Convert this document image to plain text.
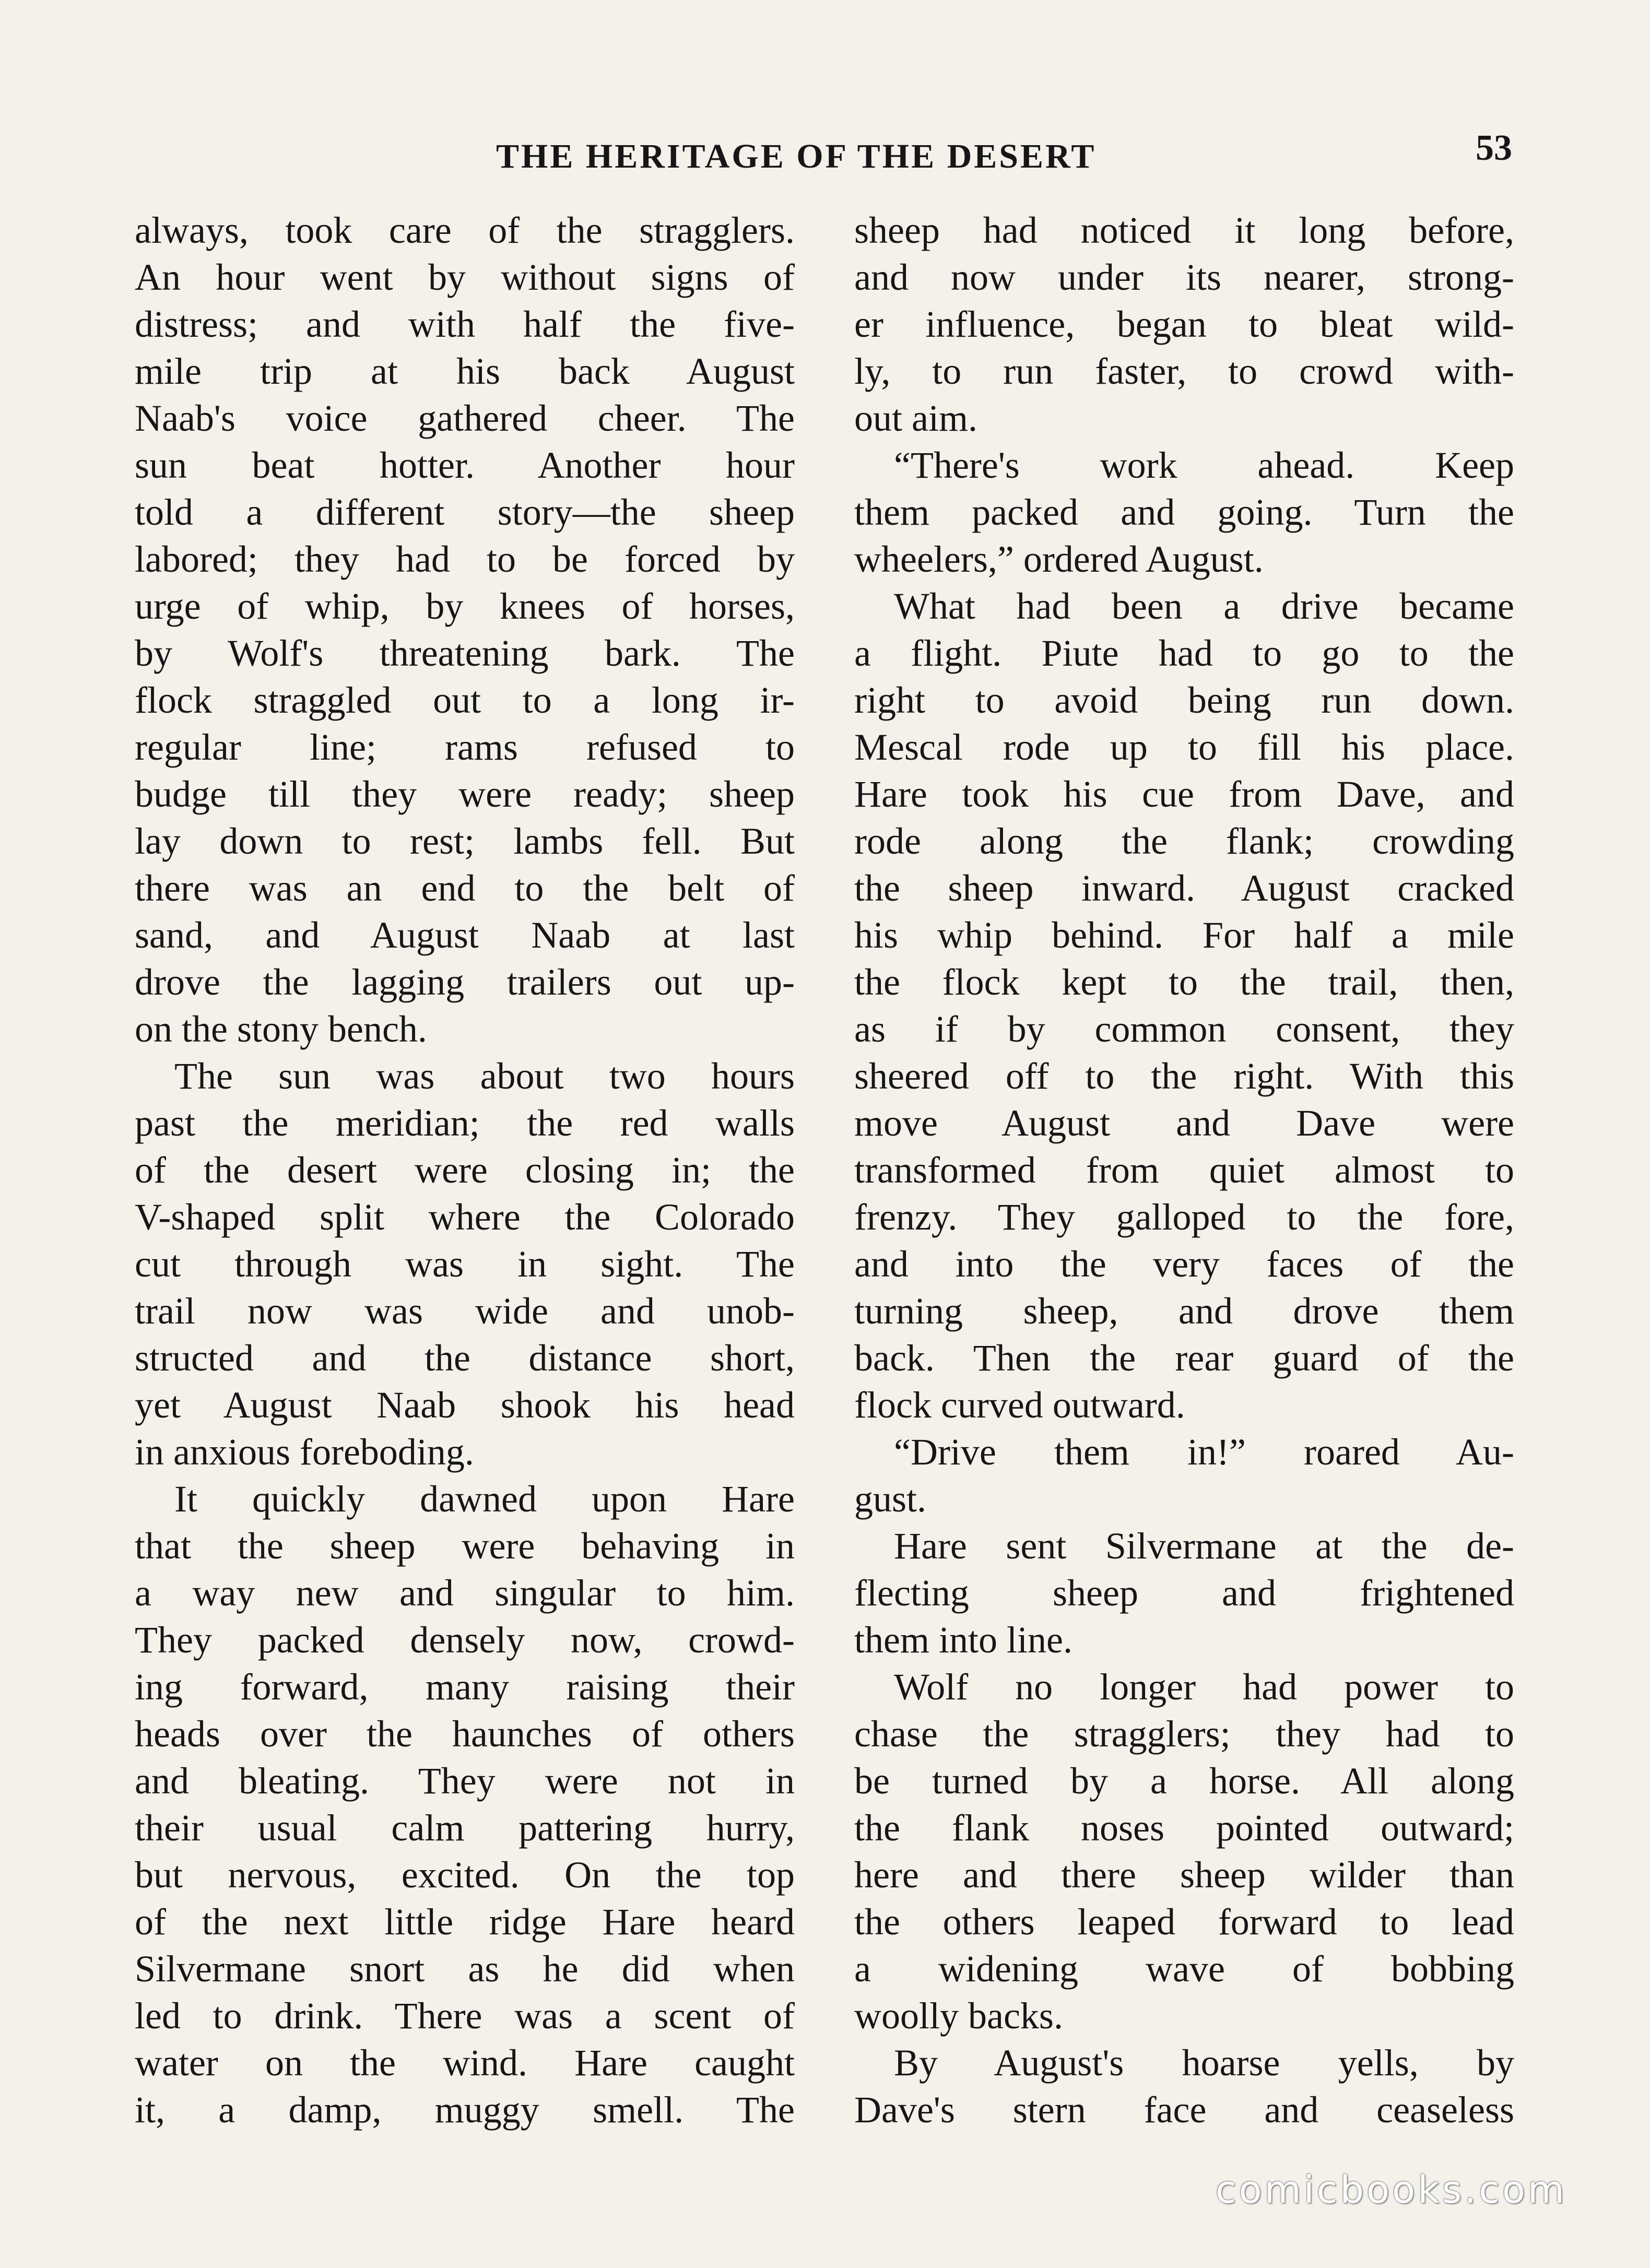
THE HERITAGE OF THE DESERT	53
always, took care of the stragglers.
An hour went by without signs of
distress; and with half the five-
mile trip at his back August
Naab's voice gathered cheer. The
sun beat hotter. Another hour
told a different story—the sheep
labored; they had to be forced by
urge of whip, by knees of horses,
by Wolf's threatening bark. The
flock straggled out to a long ir-
regular line; rams refused to
budge till they were ready; sheep
lay down to rest; lambs fell. But
there was an end to the belt of
sand, and August Naab at last
drove the lagging trailers out up-
on the stony bench.
The sun was about two hours
past the meridian; the red walls
of the desert were closing in; the
V-shaped split where the Colorado
cut through was in sight. The
trail now was wide and unob-
structed and the distance short,
yet August Naab shook his head
in anxious foreboding.
It quickly dawned upon Hare
that the sheep were behaving in
a way new and singular to him.
They packed densely now, crowd-
ing forward, many raising their
heads over the haunches of others
and bleating. They were not in
their usual calm pattering hurry,
but nervous, excited. On the top
of the next little ridge Hare heard
Silvermane snort as he did when
led to drink. There was a scent of
water on the wind. Hare caught
it, a damp, muggy smell. The
sheep had noticed it long before,
and now under its nearer, strong-
er influence, began to bleat wild-
ly, to run faster, to crowd with-
out aim.
“There's work ahead. Keep
them packed and going. Turn the
wheelers,” ordered August.
What had been a drive became
a flight. Piute had to go to the
right to avoid being run down.
Mescal rode up to fill his place.
Hare took his cue from Dave, and
rode along the flank; crowding
the sheep inward. August cracked
his whip behind. For half a mile
the flock kept to the trail, then,
as if by common consent, they
sheered off to the right. With this
move August and Dave were
transformed from quiet almost to
frenzy. They galloped to the fore,
and into the very faces of the
turning sheep, and drove them
back. Then the rear guard of the
flock curved outward.
“Drive them in!” roared Au-
gust.
Hare sent Silvermane at the de-
flecting sheep and frightened
them into line.
Wolf no longer had power to
chase the stragglers; they had to
be turned by a horse. All along
the flank noses pointed outward;
here and there sheep wilder than
the others leaped forward to lead
a widening wave of bobbing
woolly backs.
By August's hoarse yells, by
Dave's stern face and ceaseless
comicbooks.com
